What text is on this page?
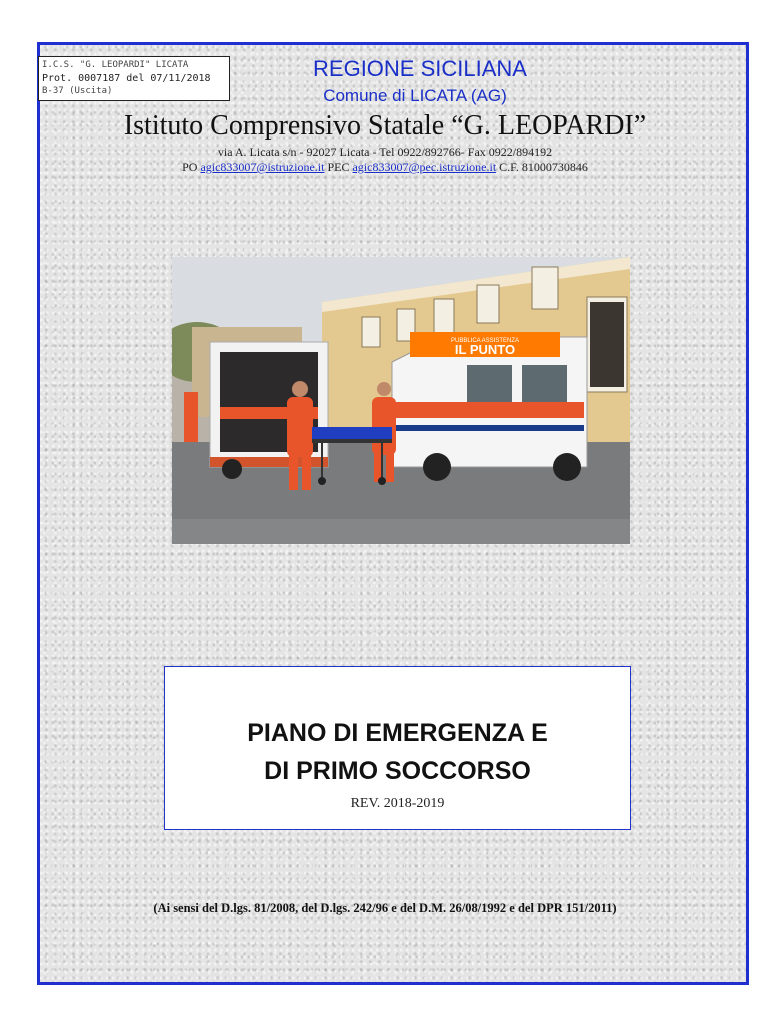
I.C.S. "G. LEOPARDI" LICATA
Prot. 0007187 del 07/11/2018
B-37 (Uscita)
REGIONE SICILIANA
Comune di LICATA (AG)
Istituto Comprensivo Statale “G. LEOPARDI”
via A. Licata s/n - 92027 Licata - Tel 0922/892766- Fax 0922/894192
PO agic833007@istruzione.it PEC agic833007@pec.istruzione.it C.F. 81000730846
PUBBLICA ASSISTENZA
IL PUNTO
PIANO DI EMERGENZA E
DI PRIMO SOCCORSO
REV. 2018-2019
(Ai sensi del D.lgs. 81/2008, del D.lgs. 242/96 e del D.M. 26/08/1992 e del DPR 151/2011)
